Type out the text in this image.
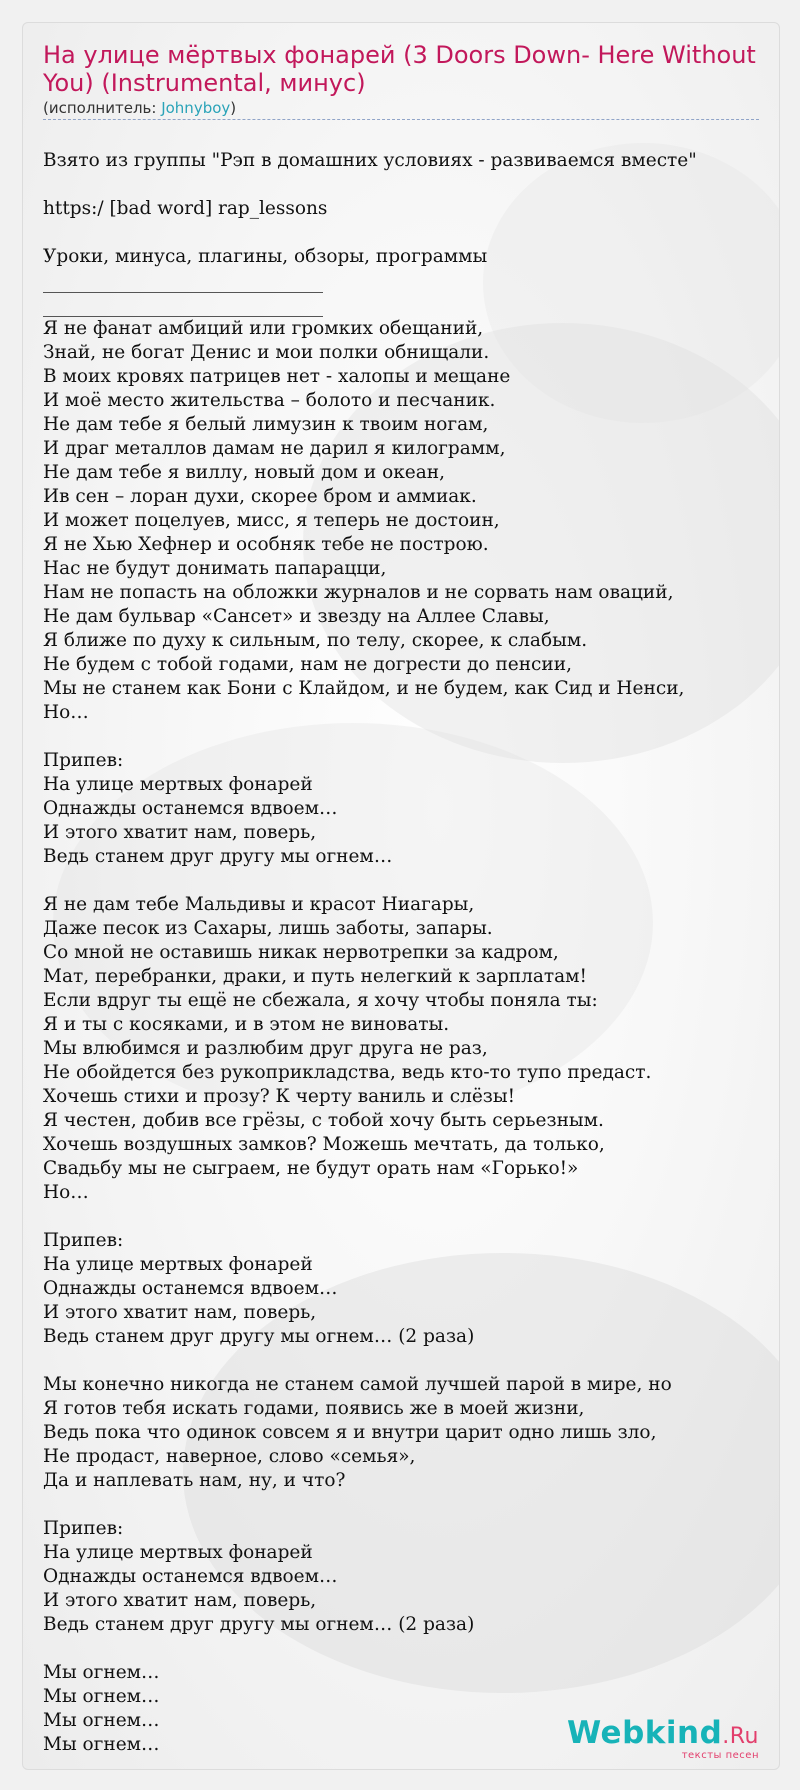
На улице мёртвых фонарей (3 Doors Down- Here Without You) (Instrumental, минус)
(исполнитель: Johnyboy)
Взято из группы "Рэп в домашних условиях - развиваемся вместе"
https:/ [bad word] rap_lessons
Уроки, минуса, плагины, обзоры, программы
Я не фанат амбиций или громких обещаний,
Знай, не богат Денис и мои полки обнищали.
В моих кровях патрицев нет - халопы и мещане
И моё место жительства – болото и песчаник.
Не дам тебе я белый лимузин к твоим ногам,
И драг металлов дамам не дарил я килограмм,
Не дам тебе я виллу, новый дом и океан,
Ив сен – лоран духи, скорее бром и аммиак.
И может поцелуев, мисс, я теперь не достоин,
Я не Хью Хефнер и особняк тебе не построю.
Нас не будут донимать папарацци,
Нам не попасть на обложки журналов и не сорвать нам оваций,
Не дам бульвар «Сансет» и звезду на Аллее Славы,
Я ближе по духу к сильным, по телу, скорее, к слабым.
Не будем с тобой годами, нам не догрести до пенсии,
Мы не станем как Бони с Клайдом, и не будем, как Сид и Ненси,
Но…
Припев:
На улице мертвых фонарей
Однажды останемся вдвоем…
И этого хватит нам, поверь,
Ведь станем друг другу мы огнем…
Я не дам тебе Мальдивы и красот Ниагары,
Даже песок из Сахары, лишь заботы, запары.
Со мной не оставишь никак нервотрепки за кадром,
Мат, перебранки, драки, и путь нелегкий к зарплатам!
Если вдруг ты ещё не сбежала, я хочу чтобы поняла ты:
Я и ты с косяками, и в этом не виноваты.
Мы влюбимся и разлюбим друг друга не раз,
Не обойдется без рукоприкладства, ведь кто-то тупо предаст.
Хочешь стихи и прозу? К черту ваниль и слёзы!
Я честен, добив все грёзы, с тобой хочу быть серьезным.
Хочешь воздушных замков? Можешь мечтать, да только,
Свадьбу мы не сыграем, не будут орать нам «Горько!»
Но…
Припев:
На улице мертвых фонарей
Однажды останемся вдвоем…
И этого хватит нам, поверь,
Ведь станем друг другу мы огнем… (2 раза)
Мы конечно никогда не станем самой лучшей парой в мире, но
Я готов тебя искать годами, появись же в моей жизни,
Ведь пока что одинок совсем я и внутри царит одно лишь зло,
Не продаст, наверное, слово «семья»,
Да и наплевать нам, ну, и что?
Припев:
На улице мертвых фонарей
Однажды останемся вдвоем…
И этого хватит нам, поверь,
Ведь станем друг другу мы огнем… (2 раза)
Мы огнем…
Мы огнем…
Мы огнем…
Мы огнем…	Webkind.Ru
тексты песен
